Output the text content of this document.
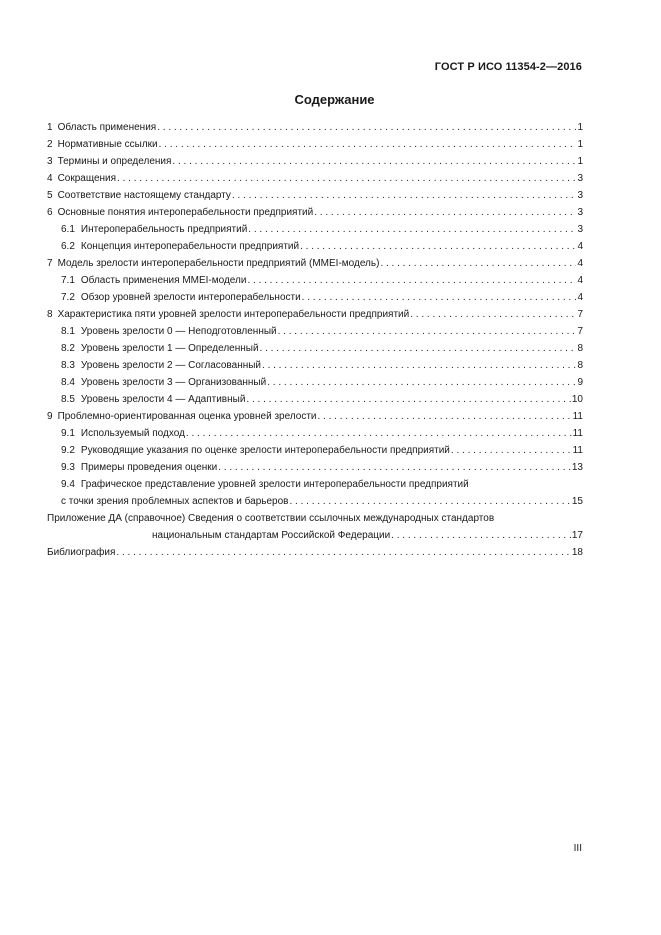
ГОСТ Р ИСО 11354-2—2016
Содержание
1 Область применения . . .	1
2 Нормативные ссылки . . .	1
3 Термины и определения . . .	1
4 Сокращения . . .	3
5 Соответствие настоящему стандарту . . .	3
6 Основные понятия интероперабельности предприятий . . .	3
6.1 Интероперабельность предприятий . . .	3
6.2 Концепция интероперабельности предприятий . . .	4
7 Модель зрелости интероперабельности предприятий (MMEI-модель) . . .	4
7.1 Область применения MMEI-модели . . .	4
7.2 Обзор уровней зрелости интероперабельности . . .	4
8 Характеристика пяти уровней зрелости интероперабельности предприятий . . .	7
8.1 Уровень зрелости 0 — Неподготовленный . . .	7
8.2 Уровень зрелости 1 — Определенный . . .	8
8.3 Уровень зрелости 2 — Согласованный . . .	8
8.4 Уровень зрелости 3 — Организованный . . .	9
8.5 Уровень зрелости 4 — Адаптивный . . .	10
9 Проблемно-ориентированная оценка уровней зрелости . . .	11
9.1 Используемый подход . . .	11
9.2 Руководящие указания по оценке зрелости интероперабельности предприятий . . .	11
9.3 Примеры проведения оценки . . .	13
9.4 Графическое представление уровней зрелости интероперабельности предприятий
с точки зрения проблемных аспектов и барьеров . . .	15
Приложение ДА (справочное) Сведения о соответствии ссылочных международных стандартов
национальным стандартам Российской Федерации . . .	17
Библиография . . .	18
III
